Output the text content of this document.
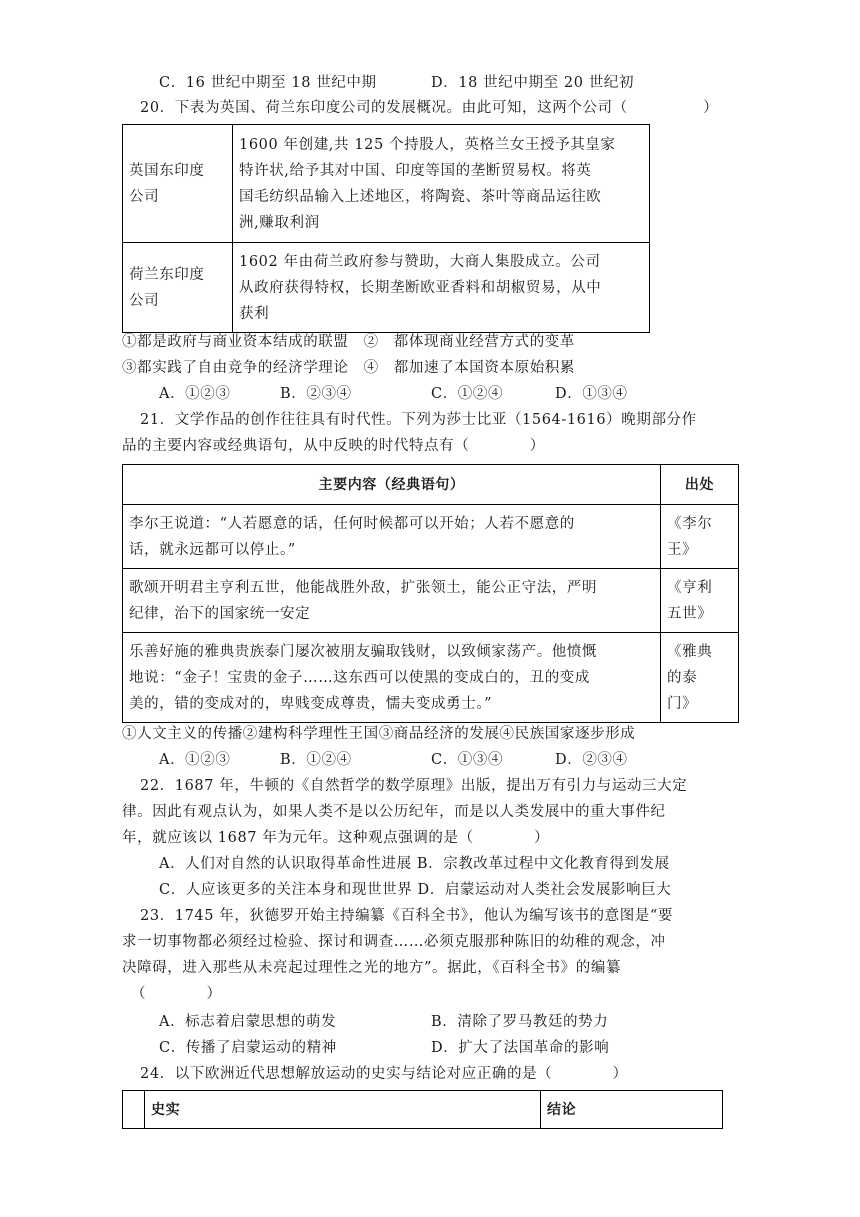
C．16 世纪中期至 18 世纪中期	D．18 世纪中期至 20 世纪初
20．下表为英国、荷兰东印度公司的发展概况。由此可知，这两个公司（　　　　　）
英国东印度
公司	1600 年创建,共 125 个持股人，英格兰女王授予其皇家
特许状,给予其对中国、印度等国的垄断贸易权。将英
国毛纺织品输入上述地区，将陶瓷、茶叶等商品运往欧
洲,赚取利润

荷兰东印度
公司	1602 年由荷兰政府参与赞助，大商人集股成立。公司
从政府获得特权，长期垄断欧亚香料和胡椒贸易，从中
获利
①都是政府与商业资本结成的联盟　②　都体现商业经营方式的变革
③都实践了自由竞争的经济学理论　④　都加速了本国资本原始积累
A．①②③	B．②③④	C．①②④	D．①③④
21．文学作品的创作往往具有时代性。下列为莎士比亚（1564-1616）晚期部分作
品的主要内容或经典语句，从中反映的时代特点有（　　　　）
主要内容（经典语句）	出处

李尔王说道：“人若愿意的话，任何时候都可以开始；人若不愿意的
话，就永远都可以停止。”	《李尔
王》

歌颂开明君主亨利五世，他能战胜外敌，扩张领土，能公正守法，严明
纪律，治下的国家统一安定	《亨利
五世》

乐善好施的雅典贵族泰门屡次被朋友骗取钱财，以致倾家荡产。他愤慨
地说：“金子！宝贵的金子……这东西可以使黑的变成白的，丑的变成
美的，错的变成对的，卑贱变成尊贵，懦夫变成勇士。”	《雅典
的泰
门》
①人文主义的传播②建构科学理性王国③商品经济的发展④民族国家逐步形成
A．①②③	B．①②④	C．①③④	D．②③④
22．1687 年，牛顿的《自然哲学的数学原理》出版，提出万有引力与运动三大定
律。因此有观点认为，如果人类不是以公历纪年，而是以人类发展中的重大事件纪
年，就应该以 1687 年为元年。这种观点强调的是（　　　　）
A．人们对自然的认识取得革命性进展 B．宗教改革过程中文化教育得到发展
C．人应该更多的关注本身和现世世界 D．启蒙运动对人类社会发展影响巨大
23．1745 年，狄德罗开始主持编纂《百科全书》，他认为编写该书的意图是“要
求一切事物都必须经过检验、探讨和调查……必须克服那种陈旧的幼稚的观念，冲
决障碍，进入那些从未亮起过理性之光的地方”。据此，《百科全书》的编纂
（　　　　）
A．标志着启蒙思想的萌发	B．清除了罗马教廷的势力
C．传播了启蒙运动的精神	D．扩大了法国革命的影响
24．以下欧洲近代思想解放运动的史实与结论对应正确的是（　　　　）
	史实	结论
